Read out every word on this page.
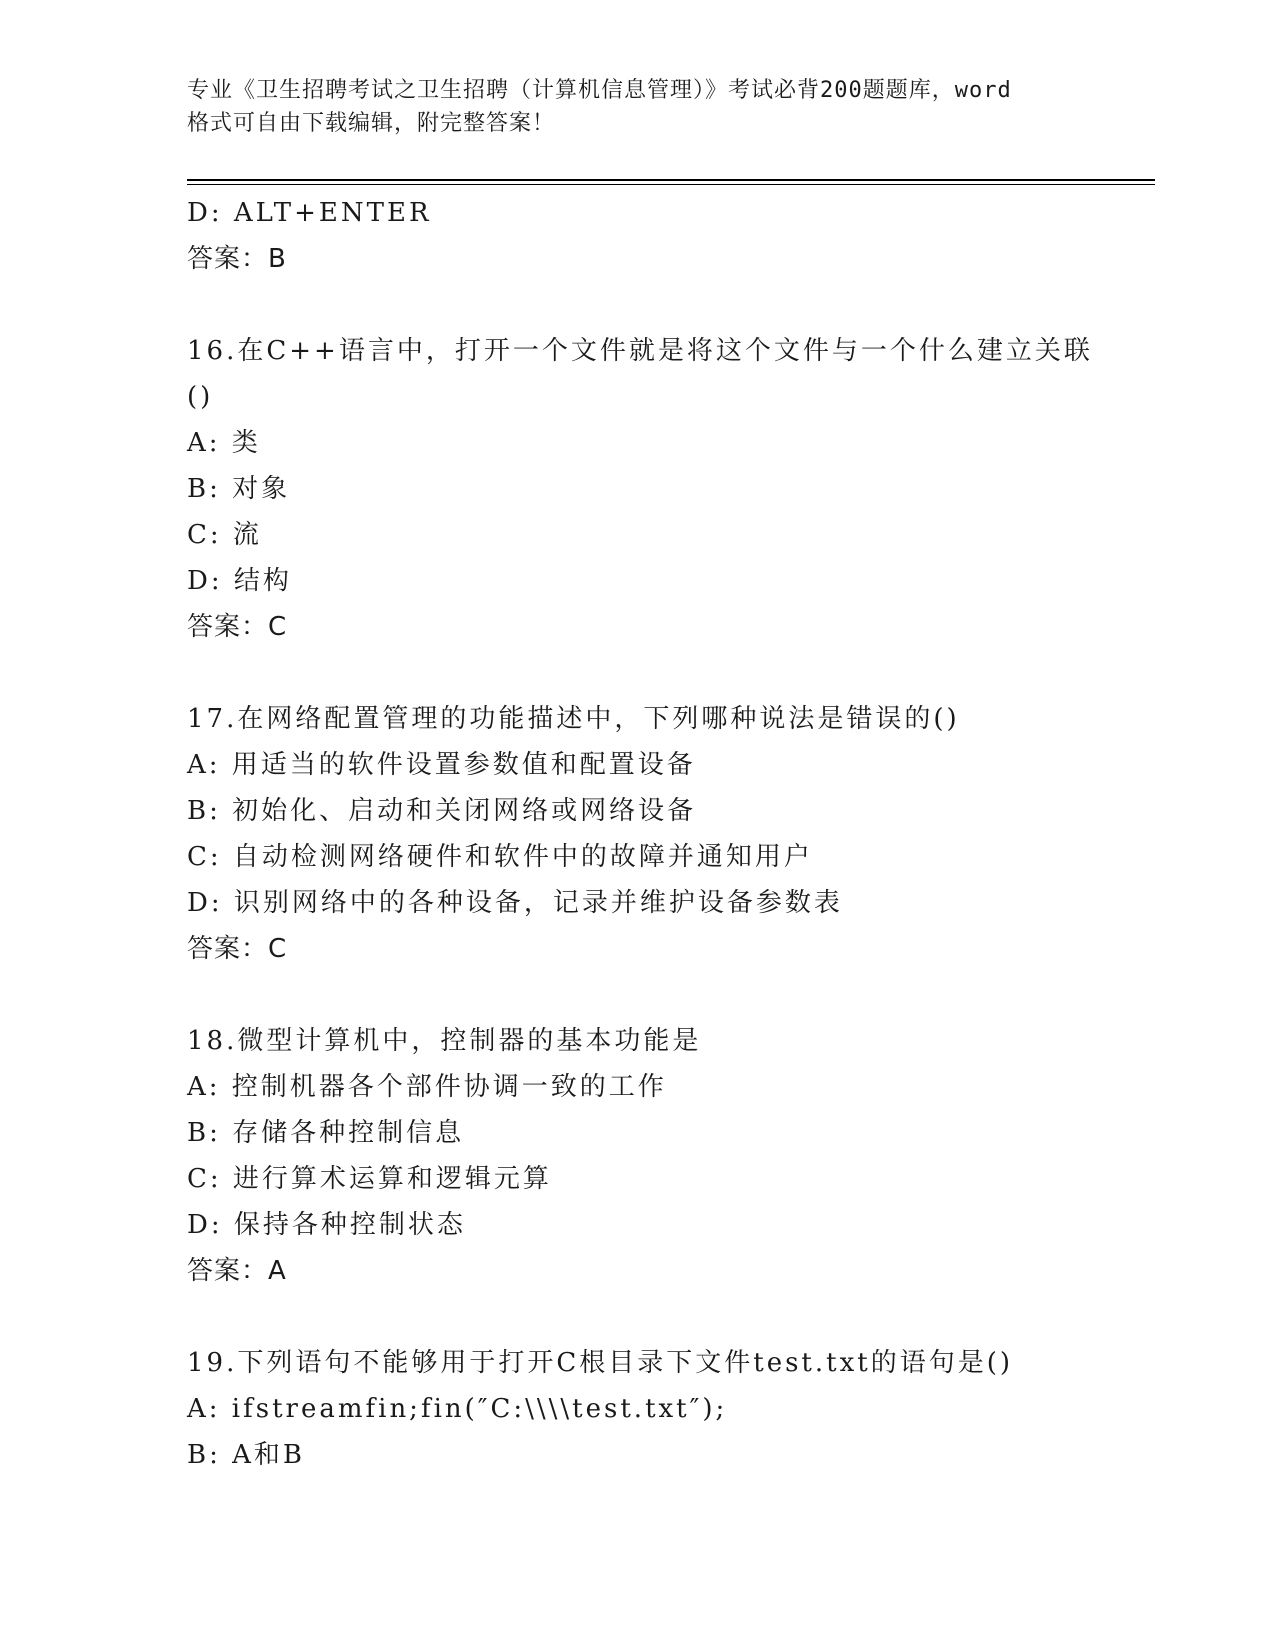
专业《卫生招聘考试之卫生招聘（计算机信息管理）》考试必背200题题库，word
格式可自由下载编辑，附完整答案！
D: ALT+ENTER
答案：B
16.在C++语言中，打开一个文件就是将这个文件与一个什么建立关联
()
A: 类
B: 对象
C: 流
D: 结构
答案：C
17.在网络配置管理的功能描述中，下列哪种说法是错误的()
A: 用适当的软件设置参数值和配置设备
B: 初始化、启动和关闭网络或网络设备
C: 自动检测网络硬件和软件中的故障并通知用户
D: 识别网络中的各种设备，记录并维护设备参数表
答案：C
18.微型计算机中，控制器的基本功能是
A: 控制机器各个部件协调一致的工作
B: 存储各种控制信息
C: 进行算术运算和逻辑元算
D: 保持各种控制状态
答案：A
19.下列语句不能够用于打开C根目录下文件test.txt的语句是()
A: ifstreamfin;fin(″C:\\\\test.txt″);
B: A和B
